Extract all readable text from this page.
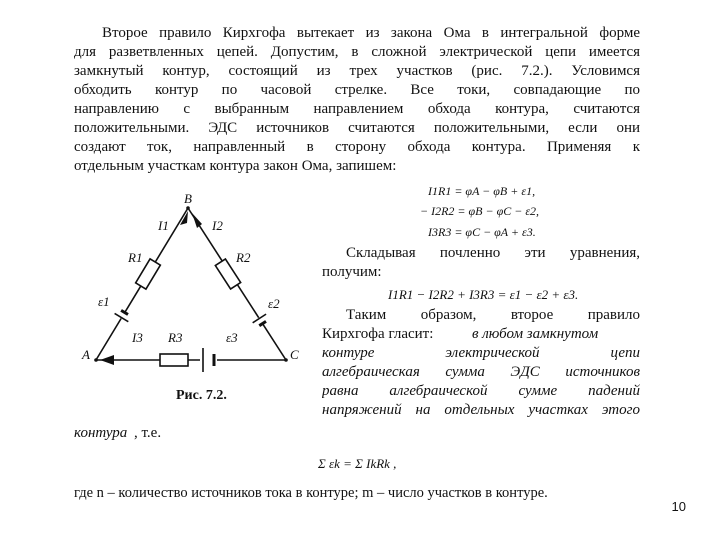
Второе правило Кирхгофа вытекает из закона Ома в интегральной форме
для разветвленных цепей. Допустим, в сложной электрической цепи имеется
замкнутый контур, состоящий из трех участков (рис. 7.2.). Условимся
обходить контур по часовой стрелке. Все токи, совпадающие по
направлению с выбранным направлением обхода контура, считаются
положительными. ЭДС источников считаются положительными, если они
создают ток, направленный в сторону обхода контура. Применяя к
отдельным участкам контура закон Ома, запишем:
I1R1 = φA − φB + ε1,
− I2R2 = φB − φC − ε2,
I3R3 = φC − φA + ε3.
Складывая почленно эти уравнения,
получим:
I1R1 − I2R2 + I3R3 = ε1 − ε2 + ε3.
Таким образом, второе правило
Кирхгофа гласит:	в любом замкнутом
контуре электрической цепи
алгебраическая сумма ЭДС источников
равна алгебраической сумме падений
напряжений на отдельных участках этого
контура , т.е.
Σ εk = Σ IkRk ,
где n – количество источников тока в контуре; m – число участков в контуре.
B
A	C
I1	I2
I3
R1	R2
R3
ε1	ε2
ε3
Рис. 7.2.
10
